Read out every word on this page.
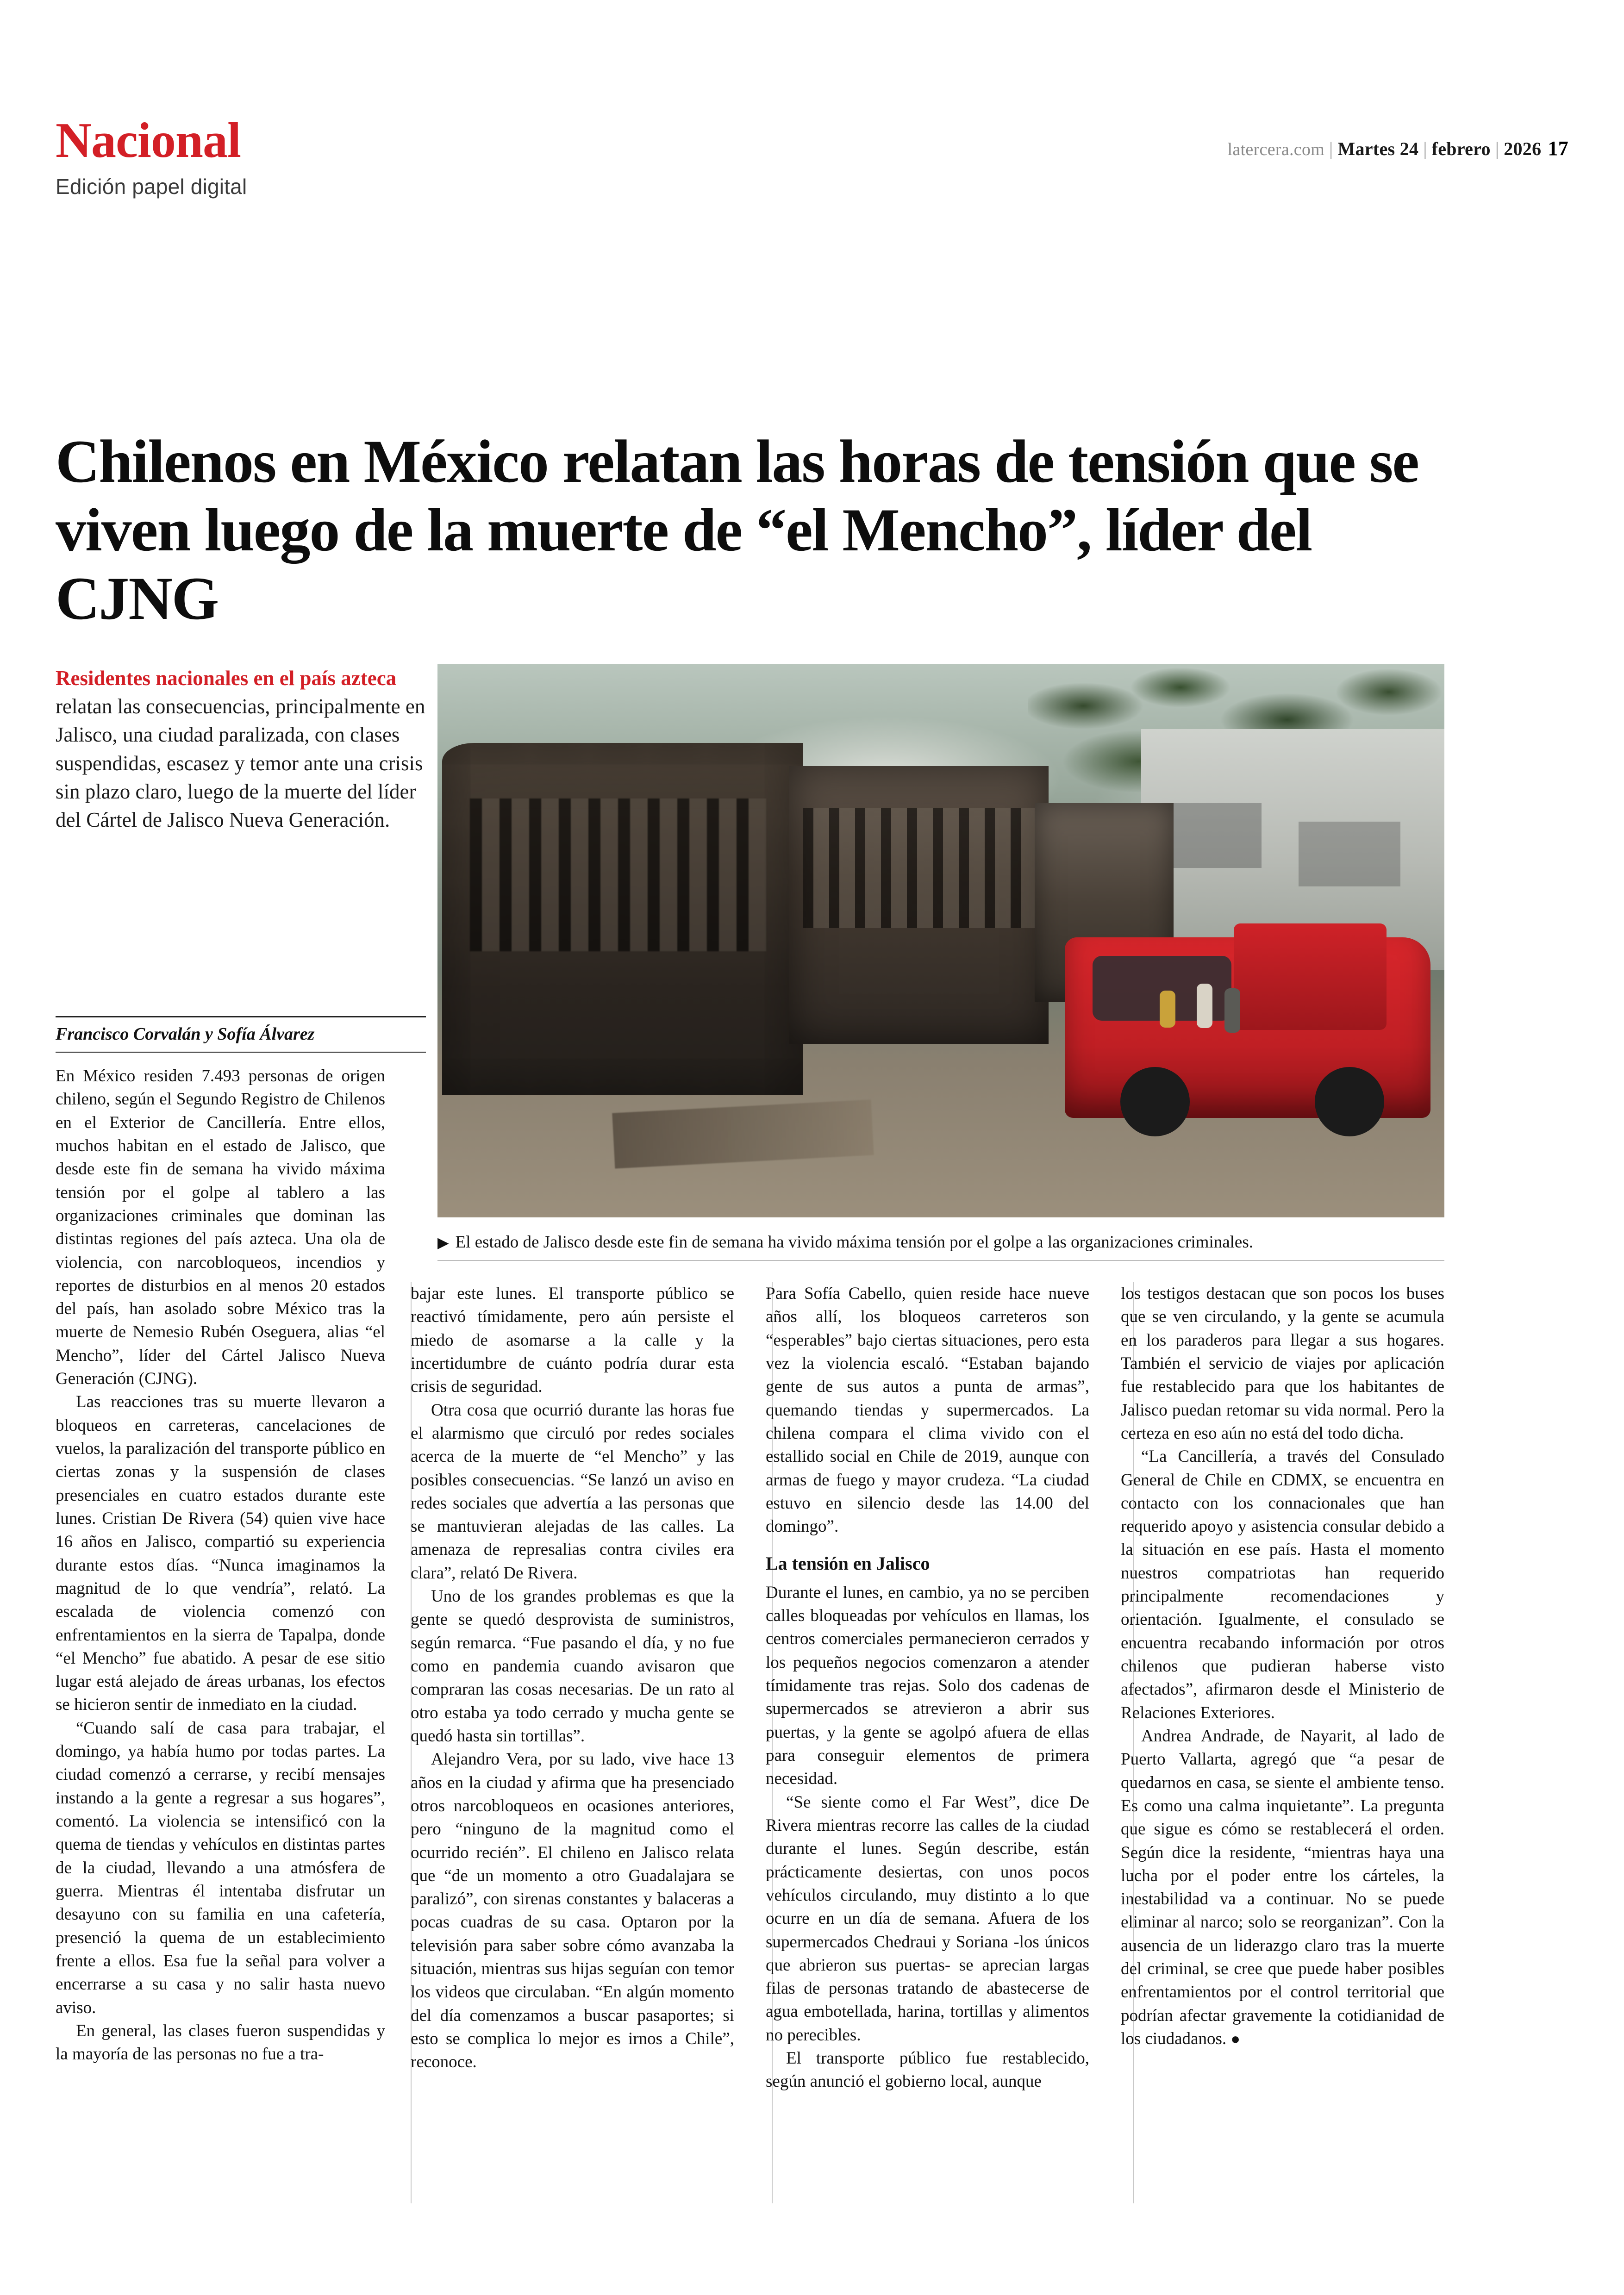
latercera.com | Martes 24 | febrero | 2026 17
Nacional
Edición papel digital
Chilenos en México relatan las horas de tensión que se viven luego de la muerte de “el Mencho”, líder del CJNG
Residentes nacionales en el país azteca relatan las consecuencias, principalmente en Jalisco, una ciudad paralizada, con clases suspendidas, escasez y temor ante una crisis sin plazo claro, luego de la muerte del líder del Cártel de Jalisco Nueva Generación.
Francisco Corvalán y Sofía Álvarez
▶ El estado de Jalisco desde este fin de semana ha vivido máxima tensión por el golpe a las organizaciones criminales.

En México residen 7.493 personas de origen chileno, según el Segundo Registro de Chilenos en el Exterior de Cancillería. Entre ellos, muchos habitan en el estado de Jalisco, que desde este fin de semana ha vivido máxima tensión por el golpe al tablero a las organizaciones criminales que dominan las distintas regiones del país azteca. Una ola de violencia, con narcobloqueos, incendios y reportes de disturbios en al menos 20 estados del país, han asolado sobre México tras la muerte de Nemesio Rubén Oseguera, alias “el Mencho”, líder del Cártel Jalisco Nueva Generación (CJNG).

Las reacciones tras su muerte llevaron a bloqueos en carreteras, cancelaciones de vuelos, la paralización del transporte público en ciertas zonas y la suspensión de clases presenciales en cuatro estados durante este lunes. Cristian De Rivera (54) quien vive hace 16 años en Jalisco, compartió su experiencia durante estos días. “Nunca imaginamos la magnitud de lo que vendría”, relató. La escalada de violencia comenzó con enfrentamientos en la sierra de Tapalpa, donde “el Mencho” fue abatido. A pesar de ese sitio lugar está alejado de áreas urbanas, los efectos se hicieron sentir de inmediato en la ciudad.

“Cuando salí de casa para trabajar, el domingo, ya había humo por todas partes. La ciudad comenzó a cerrarse, y recibí mensajes instando a la gente a regresar a sus hogares”, comentó. La violencia se intensificó con la quema de tiendas y vehículos en distintas partes de la ciudad, llevando a una atmósfera de guerra. Mientras él intentaba disfrutar un desayuno con su familia en una cafetería, presenció la quema de un establecimiento frente a ellos. Esa fue la señal para volver a encerrarse a su casa y no salir hasta nuevo aviso.

En general, las clases fueron suspendidas y la mayoría de las personas no fue a tra-

bajar este lunes. El transporte público se reactivó tímidamente, pero aún persiste el miedo de asomarse a la calle y la incertidumbre de cuánto podría durar esta crisis de seguridad.

Otra cosa que ocurrió durante las horas fue el alarmismo que circuló por redes sociales acerca de la muerte de “el Mencho” y las posibles consecuencias. “Se lanzó un aviso en redes sociales que advertía a las personas que se mantuvieran alejadas de las calles. La amenaza de represalias contra civiles era clara”, relató De Rivera.

Uno de los grandes problemas es que la gente se quedó desprovista de suministros, según remarca. “Fue pasando el día, y no fue como en pandemia cuando avisaron que compraran las cosas necesarias. De un rato al otro estaba ya todo cerrado y mucha gente se quedó hasta sin tortillas”.

Alejandro Vera, por su lado, vive hace 13 años en la ciudad y afirma que ha presenciado otros narcobloqueos en ocasiones anteriores, pero “ninguno de la magnitud como el ocurrido recién”. El chileno en Jalisco relata que “de un momento a otro Guadalajara se paralizó”, con sirenas constantes y balaceras a pocas cuadras de su casa. Optaron por la televisión para saber sobre cómo avanzaba la situación, mientras sus hijas seguían con temor los videos que circulaban. “En algún momento del día comenzamos a buscar pasaportes; si esto se complica lo mejor es irnos a Chile”, reconoce.

Para Sofía Cabello, quien reside hace nueve años allí, los bloqueos carreteros son “esperables” bajo ciertas situaciones, pero esta vez la violencia escaló. “Estaban bajando gente de sus autos a punta de armas”, quemando tiendas y supermercados. La chilena compara el clima vivido con el estallido social en Chile de 2019, aunque con armas de fuego y mayor crudeza. “La ciudad estuvo en silencio desde las 14.00 del domingo”.

La tensión en Jalisco

Durante el lunes, en cambio, ya no se perciben calles bloqueadas por vehículos en llamas, los centros comerciales permanecieron cerrados y los pequeños negocios comenzaron a atender tímidamente tras rejas. Solo dos cadenas de supermercados se atrevieron a abrir sus puertas, y la gente se agolpó afuera de ellas para conseguir elementos de primera necesidad.

“Se siente como el Far West”, dice De Rivera mientras recorre las calles de la ciudad durante el lunes. Según describe, están prácticamente desiertas, con unos pocos vehículos circulando, muy distinto a lo que ocurre en un día de semana. Afuera de los supermercados Chedraui y Soriana -los únicos que abrieron sus puertas- se aprecian largas filas de personas tratando de abastecerse de agua embotellada, harina, tortillas y alimentos no perecibles.

El transporte público fue restablecido, según anunció el gobierno local, aunque

los testigos destacan que son pocos los buses que se ven circulando, y la gente se acumula en los paraderos para llegar a sus hogares. También el servicio de viajes por aplicación fue restablecido para que los habitantes de Jalisco puedan retomar su vida normal. Pero la certeza en eso aún no está del todo dicha.

“La Cancillería, a través del Consulado General de Chile en CDMX, se encuentra en contacto con los connacionales que han requerido apoyo y asistencia consular debido a la situación en ese país. Hasta el momento nuestros compatriotas han requerido principalmente recomendaciones y orientación. Igualmente, el consulado se encuentra recabando información por otros chilenos que pudieran haberse visto afectados”, afirmaron desde el Ministerio de Relaciones Exteriores.

Andrea Andrade, de Nayarit, al lado de Puerto Vallarta, agregó que “a pesar de quedarnos en casa, se siente el ambiente tenso. Es como una calma inquietante”. La pregunta que sigue es cómo se restablecerá el orden. Según dice la residente, “mientras haya una lucha por el poder entre los cárteles, la inestabilidad va a continuar. No se puede eliminar al narco; solo se reorganizan”. Con la ausencia de un liderazgo claro tras la muerte del criminal, se cree que puede haber posibles enfrentamientos por el control territorial que podrían afectar gravemente la cotidianidad de los ciudadanos. ●
